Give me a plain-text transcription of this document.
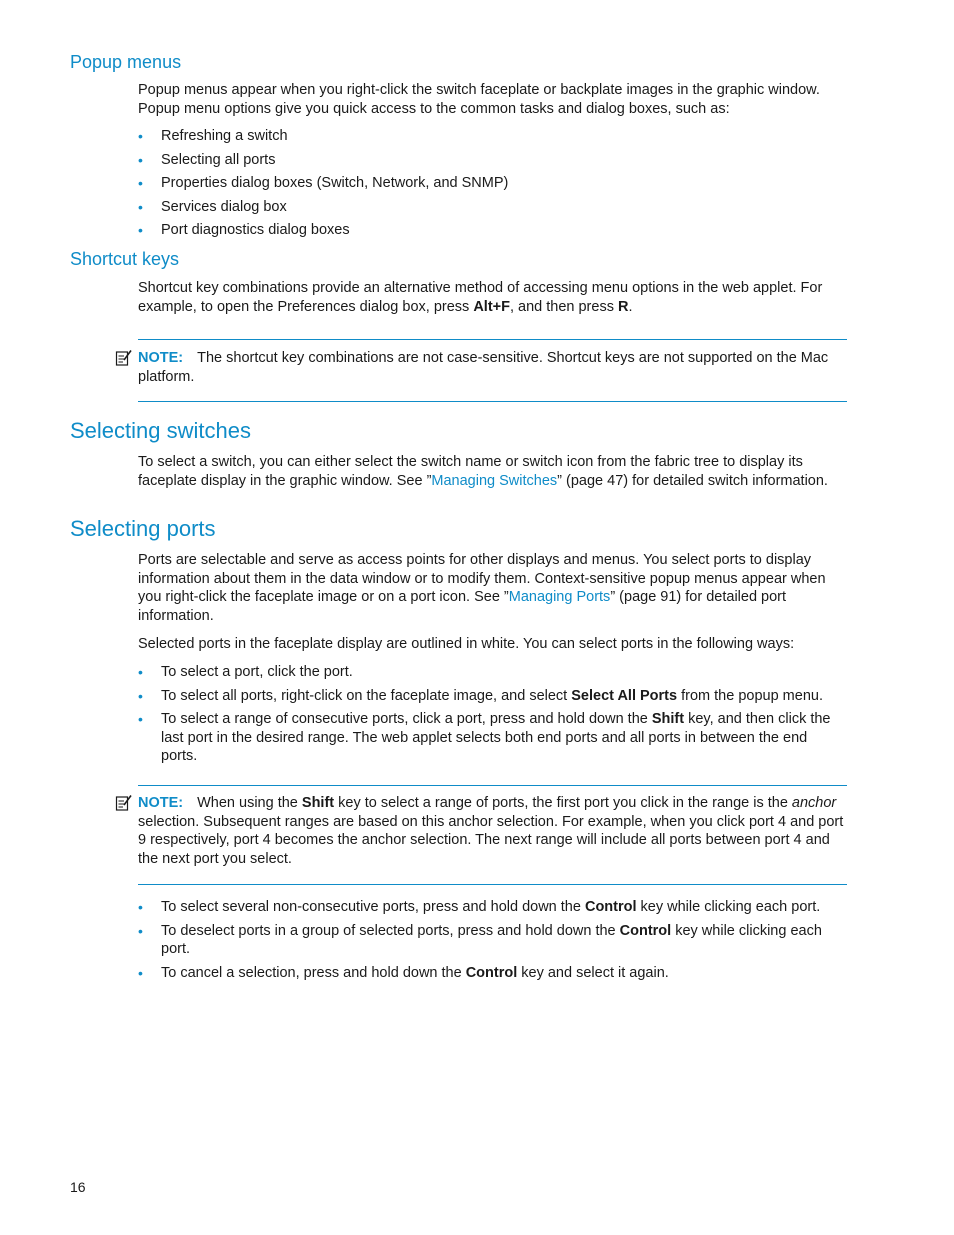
Popup menus

Popup menus appear when you right-click the switch faceplate or backplate images in the graphic window. Popup menu options give you quick access to the common tasks and dialog boxes, such as:

• Refreshing a switch
• Selecting all ports
• Properties dialog boxes (Switch, Network, and SNMP)
• Services dialog box
• Port diagnostics dialog boxes
Shortcut keys

Shortcut key combinations provide an alternative method of accessing menu options in the web applet. For example, to open the Preferences dialog box, press Alt+F, and then press R.

NOTE: The shortcut key combinations are not case-sensitive. Shortcut keys are not supported on the Mac platform.

Selecting switches

To select a switch, you can either select the switch name or switch icon from the fabric tree to display its faceplate display in the graphic window. See ”Managing Switches” (page 47) for detailed switch information.

Selecting ports

Ports are selectable and serve as access points for other displays and menus. You select ports to display information about them in the data window or to modify them. Context-sensitive popup menus appear when you right-click the faceplate image or on a port icon. See ”Managing Ports” (page 91) for detailed port information.

Selected ports in the faceplate display are outlined in white. You can select ports in the following ways:

• To select a port, click the port.
• To select all ports, right-click on the faceplate image, and select Select All Ports from the popup menu.
• To select a range of consecutive ports, click a port, press and hold down the Shift key, and then click the last port in the desired range. The web applet selects both end ports and all ports in between the end ports.

NOTE: When using the Shift key to select a range of ports, the first port you click in the range is the anchor selection. Subsequent ranges are based on this anchor selection. For example, when you click port 4 and port 9 respectively, port 4 becomes the anchor selection. The next range will include all ports between port 4 and the next port you select.

• To select several non-consecutive ports, press and hold down the Control key while clicking each port.
• To deselect ports in a group of selected ports, press and hold down the Control key while clicking each port.
• To cancel a selection, press and hold down the Control key and select it again.
16
